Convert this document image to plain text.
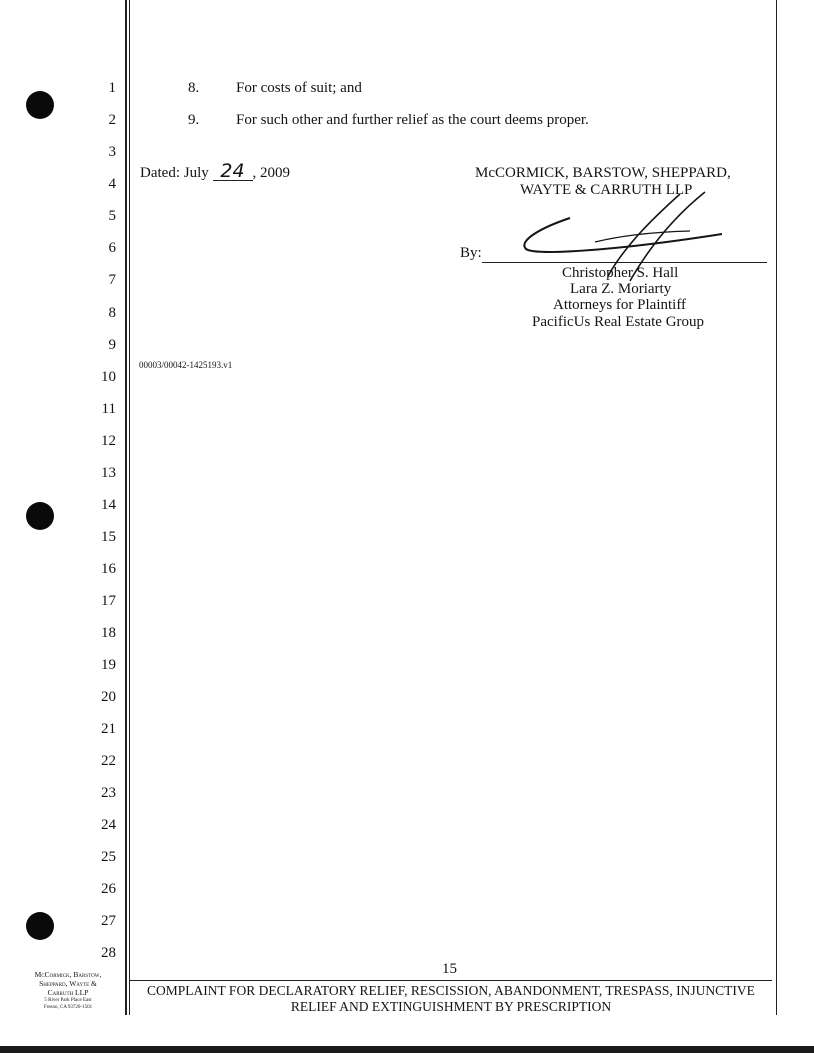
1
2
3
4
5
6
7
8
9
10
11
12
13
14
15
16
17
18
19
20
21
22
23
24
25
26
27
28
8. For costs of suit; and
9. For such other and further relief as the court deems proper.
Dated: July 24 , 2009	McCORMICK, BARSTOW, SHEPPARD,
WAYTE & CARRUTH LLP
By:
Christopher S. Hall
Lara Z. Moriarty
Attorneys for Plaintiff
PacificUs Real Estate Group
00003/00042-1425193.v1
15
COMPLAINT FOR DECLARATORY RELIEF, RESCISSION, ABANDONMENT, TRESPASS, INJUNCTIVE
RELIEF AND EXTINGUISHMENT BY PRESCRIPTION
McCormick, Barstow,
Sheppard, Wayte &
Carruth LLP
5 River Park Place East
Fresno, CA 93720-1501
